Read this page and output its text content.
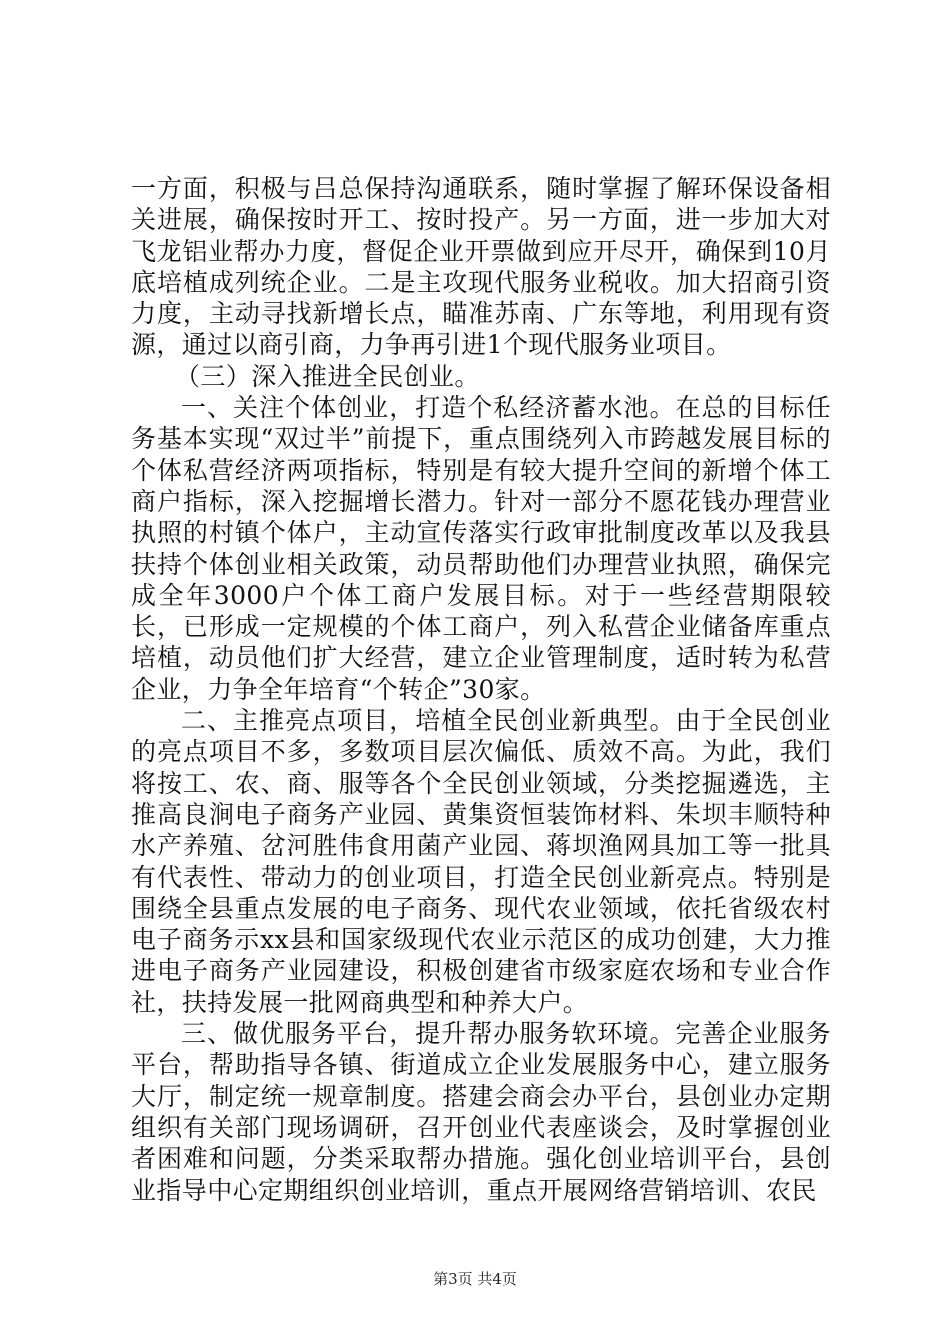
一方面，积极与吕总保持沟通联系，随时掌握了解环保设备相关进展，确保按时开工、按时投产。另一方面，进一步加大对飞龙铝业帮办力度，督促企业开票做到应开尽开，确保到10月底培植成列统企业。二是主攻现代服务业税收。加大招商引资力度，主动寻找新增长点，瞄准苏南、广东等地，利用现有资源，通过以商引商，力争再引进1个现代服务业项目。

（三）深入推进全民创业。

一、关注个体创业，打造个私经济蓄水池。在总的目标任务基本实现“双过半”前提下，重点围绕列入市跨越发展目标的个体私营经济两项指标，特别是有较大提升空间的新增个体工商户指标，深入挖掘增长潜力。针对一部分不愿花钱办理营业执照的村镇个体户，主动宣传落实行政审批制度改革以及我县扶持个体创业相关政策，动员帮助他们办理营业执照，确保完成全年3000户个体工商户发展目标。对于一些经营期限较长，已形成一定规模的个体工商户，列入私营企业储备库重点培植，动员他们扩大经营，建立企业管理制度，适时转为私营企业，力争全年培育“个转企”30家。

二、主推亮点项目，培植全民创业新典型。由于全民创业的亮点项目不多，多数项目层次偏低、质效不高。为此，我们将按工、农、商、服等各个全民创业领域，分类挖掘遴选，主推高良涧电子商务产业园、黄集资恒装饰材料、朱坝丰顺特种水产养殖、岔河胜伟食用菌产业园、蒋坝渔网具加工等一批具有代表性、带动力的创业项目，打造全民创业新亮点。特别是围绕全县重点发展的电子商务、现代农业领域，依托省级农村电子商务示xx县和国家级现代农业示范区的成功创建，大力推进电子商务产业园建设，积极创建省市级家庭农场和专业合作社，扶持发展一批网商典型和种养大户。

三、做优服务平台，提升帮办服务软环境。完善企业服务平台，帮助指导各镇、街道成立企业发展服务中心，建立服务大厅，制定统一规章制度。搭建会商会办平台，县创业办定期组织有关部门现场调研，召开创业代表座谈会，及时掌握创业者困难和问题，分类采取帮办措施。强化创业培训平台，县创业指导中心定期组织创业培训，重点开展网络营销培训、农民

第3页 共4页
